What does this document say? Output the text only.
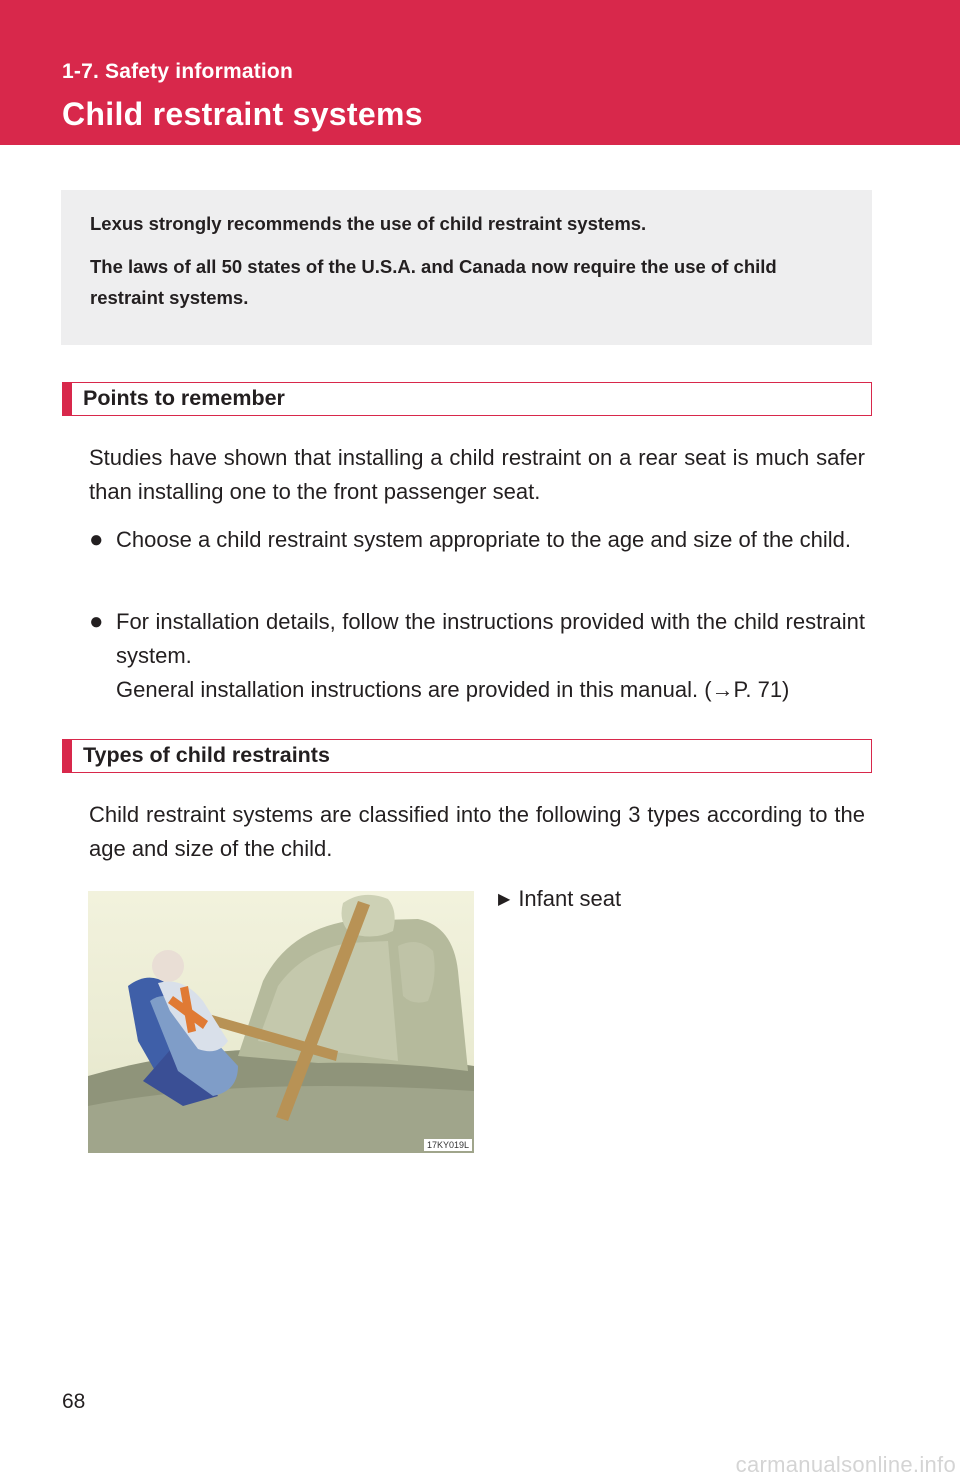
1-7. Safety information
Child restraint systems

Lexus strongly recommends the use of child restraint systems.

The laws of all 50 states of the U.S.A. and Canada now require the use of child restraint systems.

Points to remember
Studies have shown that installing a child restraint on a rear seat is much safer than installing one to the front passenger seat.
● Choose a child restraint system appropriate to the age and size of the child.
● For installation details, follow the instructions provided with the child restraint system.
General installation instructions are provided in this manual. (→P. 71)
Types of child restraints
Child restraint systems are classified into the following 3 types according to the age and size of the child.
17KY019L
▶ Infant seat
68
carmanualsonline.info
